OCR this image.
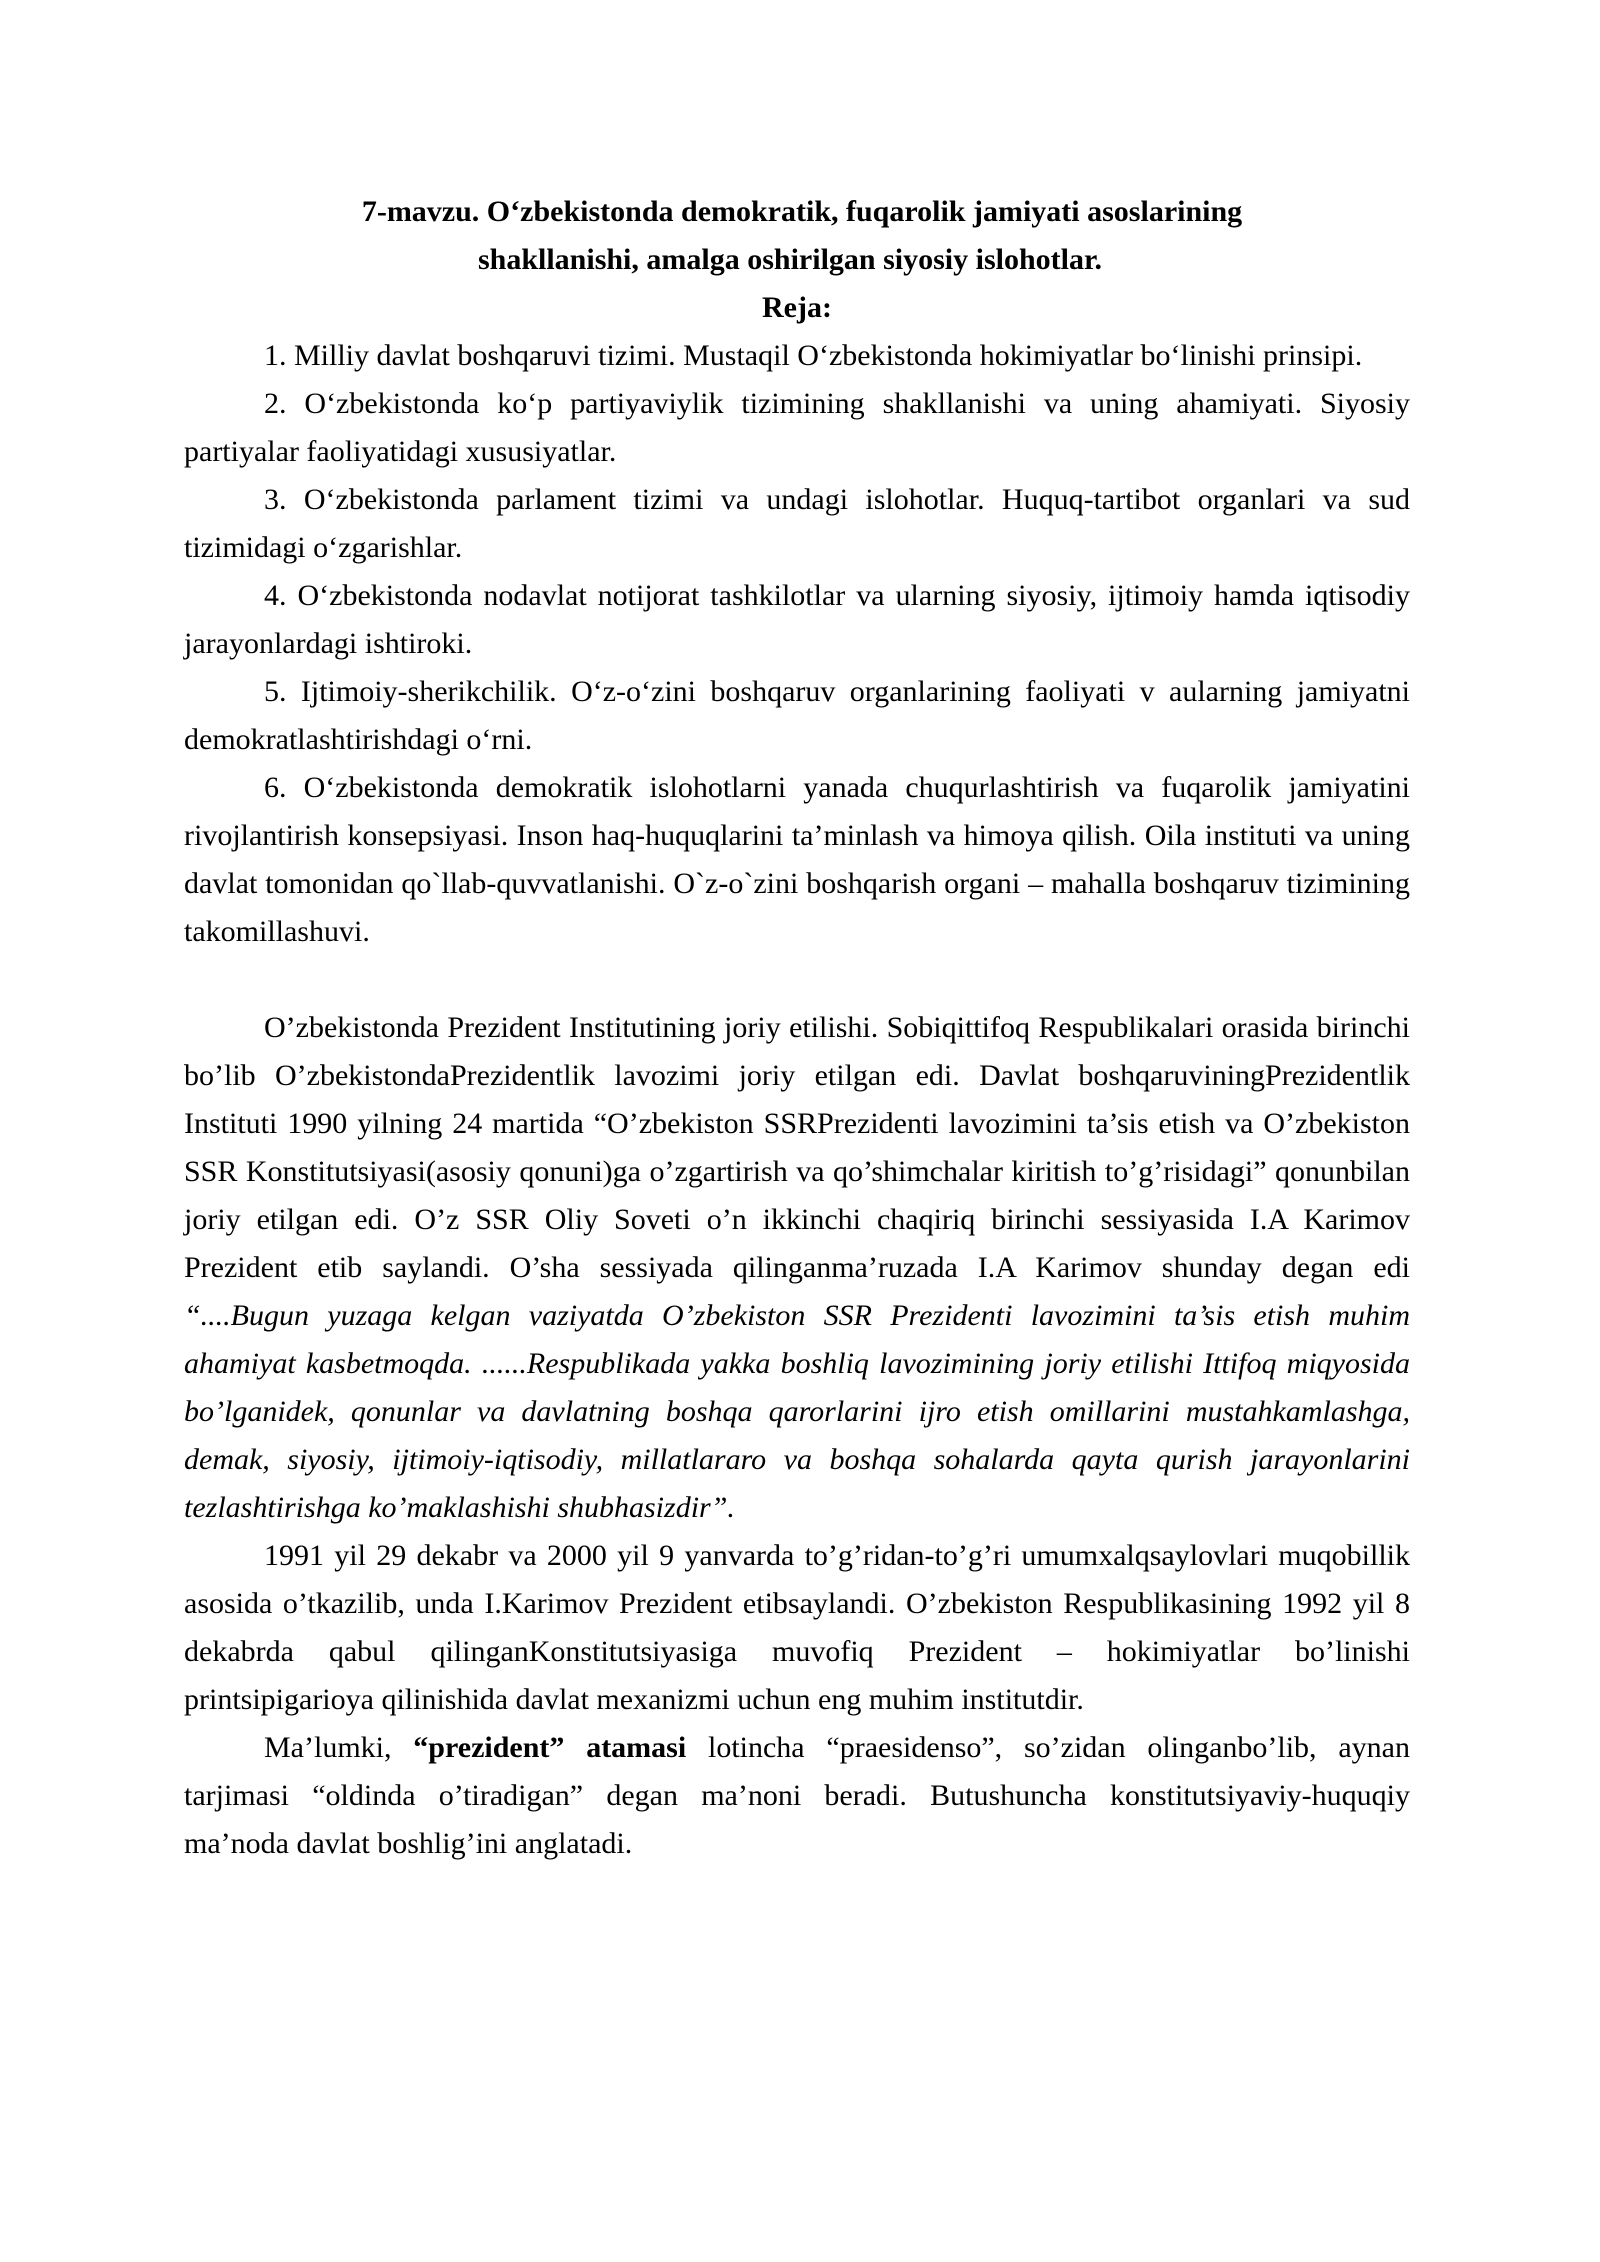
7-mavzu. O‘zbekistonda demokratik, fuqarolik jamiyati asoslarining
shakllanishi, amalga oshirilgan siyosiy islohotlar.
Reja:

1. Milliy davlat boshqaruvi tizimi. Mustaqil O‘zbekistonda hokimiyatlar bo‘linishi prinsipi.

2. O‘zbekistonda ko‘p partiyaviylik tizimining shakllanishi va uning ahamiyati. Siyosiy partiyalar faoliyatidagi xususiyatlar.

3. O‘zbekistonda parlament tizimi va undagi islohotlar. Huquq-tartibot organlari va sud tizimidagi o‘zgarishlar.

4. O‘zbekistonda nodavlat notijorat tashkilotlar va ularning siyosiy, ijtimoiy hamda iqtisodiy jarayonlardagi ishtiroki.

5. Ijtimoiy-sherikchilik. O‘z-o‘zini boshqaruv organlarining faoliyati v aularning jamiyatni demokratlashtirishdagi o‘rni.

6. O‘zbekistonda demokratik islohotlarni yanada chuqurlashtirish va fuqarolik jamiyatini rivojlantirish konsepsiyasi. Inson haq-huquqlarini ta’minlash va himoya qilish. Oila instituti va uning davlat tomonidan qo`llab-quvvatlanishi. O`z-o`zini boshqarish organi – mahalla boshqaruv tizimining takomillashuvi.

O’zbekistonda Prezident Institutining joriy etilishi. Sobiqittifoq Respublikalari orasida birinchi bo’lib O’zbekistondaPrezidentlik lavozimi joriy etilgan edi. Davlat boshqaruviningPrezidentlik Instituti 1990 yilning 24 martida “O’zbekiston SSRPrezidenti lavozimini ta’sis etish va O’zbekiston SSR Konstitutsiyasi(asosiy qonuni)ga o’zgartirish va qo’shimchalar kiritish to’g’risidagi” qonunbilan joriy etilgan edi. O’z SSR Oliy Soveti o’n ikkinchi chaqiriq birinchi sessiyasida I.A Karimov Prezident etib saylandi. O’sha sessiyada qilinganma’ruzada I.A Karimov shunday degan edi “....Bugun yuzaga kelgan vaziyatda O’zbekiston SSR Prezidenti lavozimini ta’sis etish muhim ahamiyat kasbetmoqda. ......Respublikada yakka boshliq lavozimining joriy etilishi Ittifoq miqyosida bo’lganidek, qonunlar va davlatning boshqa qarorlarini ijro etish omillarini mustahkamlashga, demak, siyosiy, ijtimoiy-iqtisodiy, millatlararo va boshqa sohalarda qayta qurish jarayonlarini tezlashtirishga ko’maklashishi shubhasizdir”.

1991 yil 29 dekabr va 2000 yil 9 yanvarda to’g’ridan-to’g’ri umumxalqsaylovlari muqobillik asosida o’tkazilib, unda I.Karimov Prezident etibsaylandi. O’zbekiston Respublikasining 1992 yil 8 dekabrda qabul qilinganKonstitutsiyasiga muvofiq Prezident – hokimiyatlar bo’linishi printsipigarioya qilinishida davlat mexanizmi uchun eng muhim institutdir.

Ma’lumki, “prezident” atamasi lotincha “praesidenso”, so’zidan olinganbo’lib, aynan tarjimasi “oldinda o’tiradigan” degan ma’noni beradi. Butushuncha konstitutsiyaviy-huquqiy ma’noda davlat boshlig’ini anglatadi.
